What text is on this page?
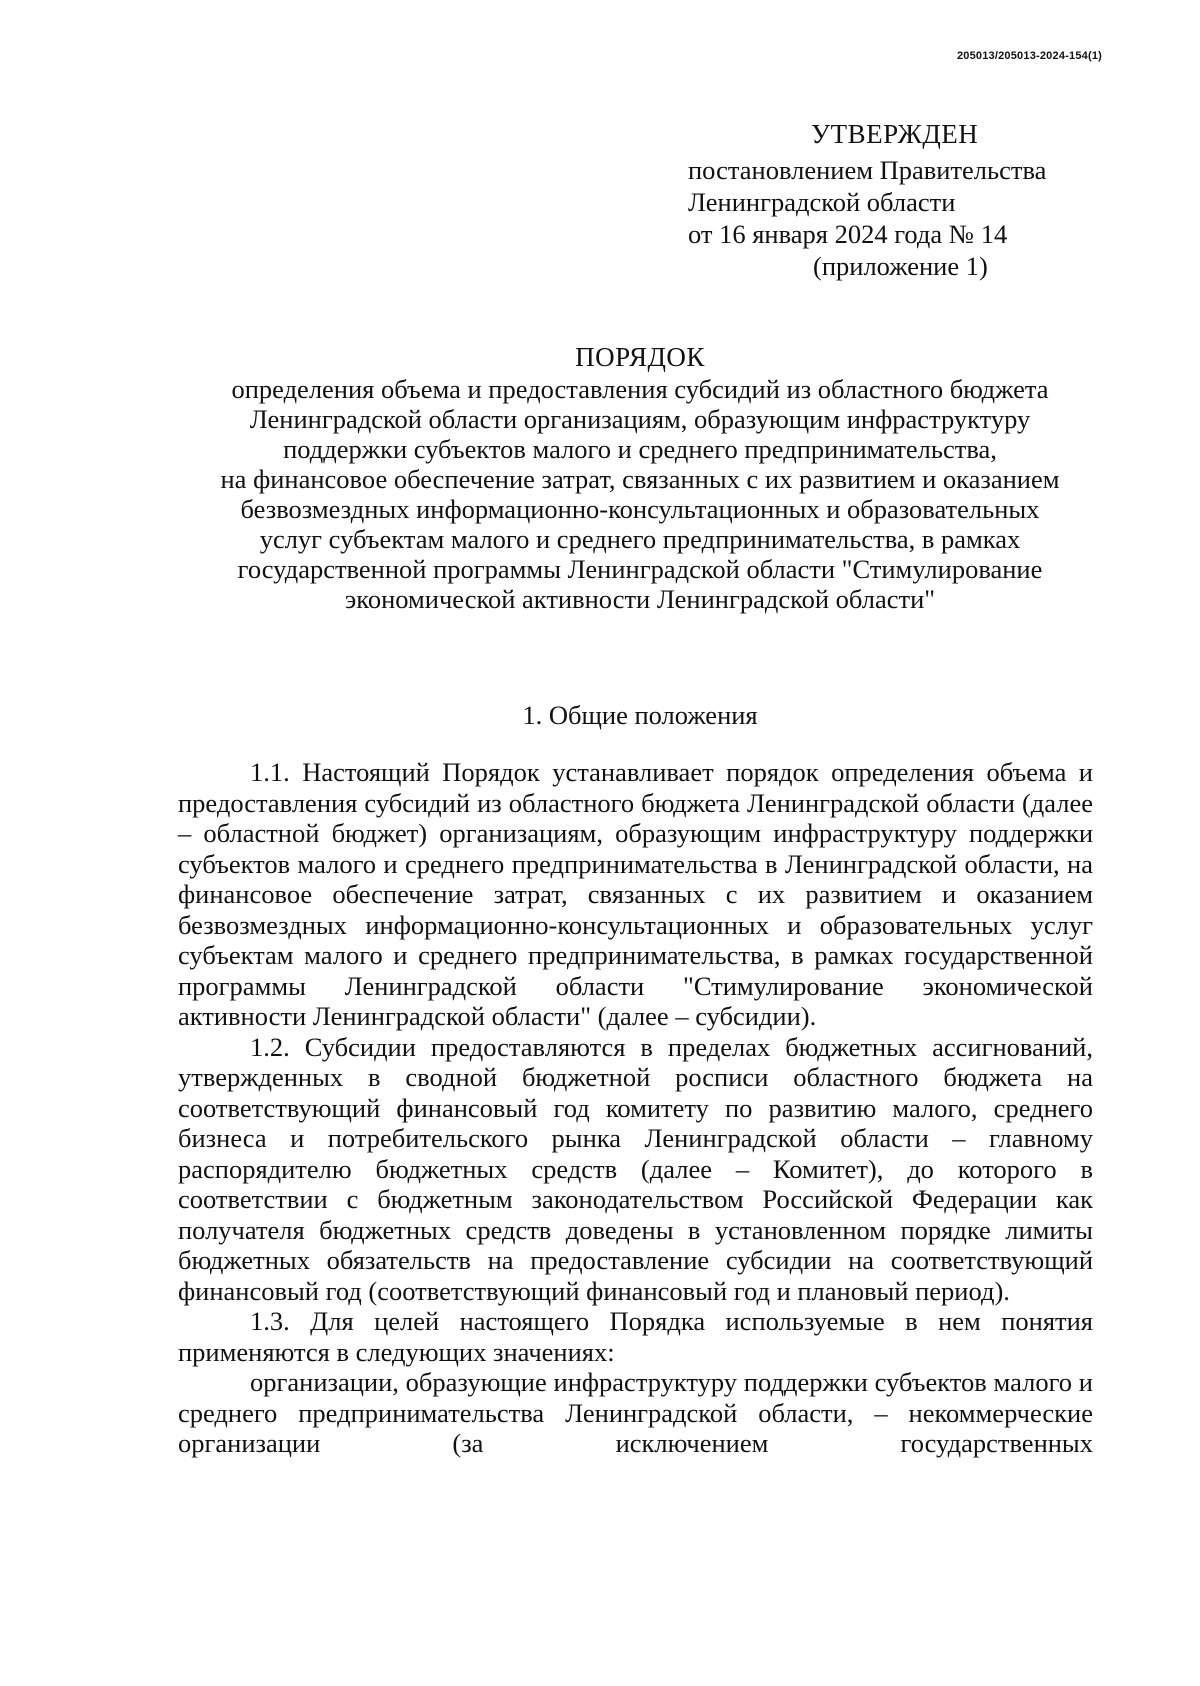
205013/205013-2024-154(1)
УТВЕРЖДЕН
постановлением Правительства
Ленинградской области
от 16 января 2024 года № 14
(приложение 1)
ПОРЯДОК
определения объема и предоставления субсидий из областного бюджета
Ленинградской области организациям, образующим инфраструктуру
поддержки субъектов малого и среднего предпринимательства,
на финансовое обеспечение затрат, связанных с их развитием и оказанием
безвозмездных информационно-консультационных и образовательных
услуг субъектам малого и среднего предпринимательства, в рамках
государственной программы Ленинградской области "Стимулирование
экономической активности Ленинградской области"
1. Общие положения

1.1. Настоящий Порядок устанавливает порядок определения объема и предоставления субсидий из областного бюджета Ленинградской области (далее – областной бюджет) организациям, образующим инфраструктуру поддержки субъектов малого и среднего предпринимательства в Ленинградской области, на финансовое обеспечение затрат, связанных с их развитием и оказанием безвозмездных информационно-консультационных и образовательных услуг субъектам малого и среднего предпринимательства, в рамках государственной программы Ленинградской области "Стимулирование экономической активности Ленинградской области" (далее – субсидии).

1.2. Субсидии предоставляются в пределах бюджетных ассигнований, утвержденных в сводной бюджетной росписи областного бюджета на соответствующий финансовый год комитету по развитию малого, среднего бизнеса и потребительского рынка Ленинградской области – главному распорядителю бюджетных средств (далее – Комитет), до которого в соответствии с бюджетным законодательством Российской Федерации как получателя бюджетных средств доведены в установленном порядке лимиты бюджетных обязательств на предоставление субсидии на соответствующий финансовый год (соответствующий финансовый год и плановый период).

1.3. Для целей настоящего Порядка используемые в нем понятия применяются в следующих значениях:

организации, образующие инфраструктуру поддержки субъектов малого и среднего предпринимательства Ленинградской области, – некоммерческие организации (за исключением государственных
